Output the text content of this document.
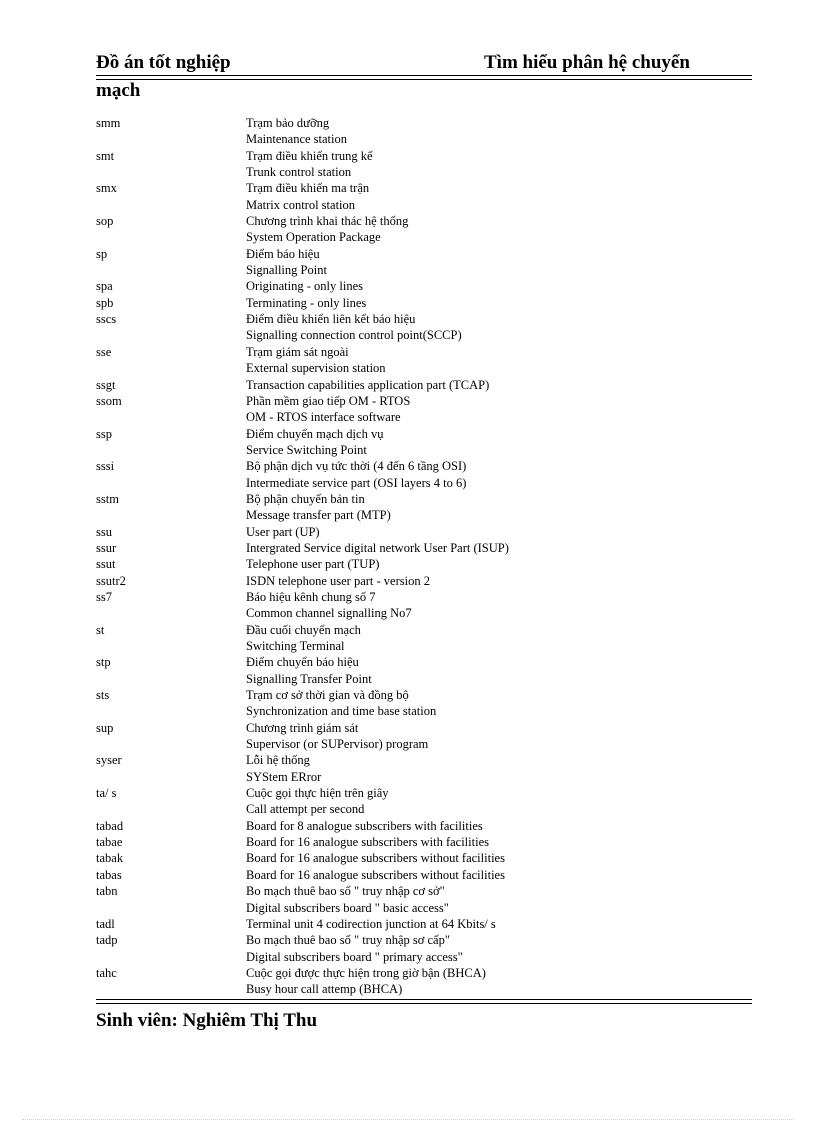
Đồ án tốt nghiệp	Tìm hiểu phân hệ chuyển
mạch
smm	Trạm bảo dưỡng
Maintenance station
smt	Trạm điều khiển trung kế
Trunk control station
smx	Trạm điều khiển ma trận
Matrix control station
sop	Chương trình khai thác hệ thống
System Operation Package
sp	Điểm báo hiệu
Signalling Point
spa	Originating - only lines
spb	Terminating - only lines
sscs	Điểm điều khiển liên kết báo hiệu
Signalling connection control point(SCCP)
sse	Trạm giám sát ngoài
External supervision station
ssgt	Transaction capabilities application part (TCAP)
ssom	Phần mềm giao tiếp OM - RTOS
OM - RTOS interface software
ssp	Điểm chuyển mạch dịch vụ
Service Switching Point
sssi	Bộ phận dịch vụ tức thời (4 đến 6 tầng OSI)
Intermediate service part (OSI layers 4 to 6)
sstm	Bộ phận chuyển bản tin
Message transfer part (MTP)
ssu	User part (UP)
ssur	Intergrated Service digital network User Part (ISUP)
ssut	Telephone user part (TUP)
ssutr2	ISDN telephone user part - version 2
ss7	Báo hiệu kênh chung số 7
Common channel signalling No7
st	Đầu cuối chuyển mạch
Switching Terminal
stp	Điểm chuyển báo hiệu
Signalling Transfer Point
sts	Trạm cơ sở thời gian và đồng bộ
Synchronization and time base station
sup	Chương trình giám sát
Supervisor (or SUPervisor) program
syser	Lỗi hệ thống
SYStem ERror
ta/ s	Cuộc gọi thực hiện trên giây
Call attempt per second
tabad	Board for 8 analogue subscribers with facilities
tabae	Board for 16 analogue subscribers with facilities
tabak	Board for 16 analogue subscribers without facilities
tabas	Board for 16 analogue subscribers without facilities
tabn	Bo mạch thuê bao số " truy nhập cơ sở"
Digital subscribers board " basic access"
tadl	Terminal unit 4 codirection junction at 64 Kbits/ s
tadp	Bo mạch thuê bao số " truy nhập sơ cấp"
Digital subscribers board " primary access"
tahc	Cuộc gọi được thực hiện trong giờ bận (BHCA)
Busy hour call attemp (BHCA)
Sinh viên: Nghiêm Thị Thu
